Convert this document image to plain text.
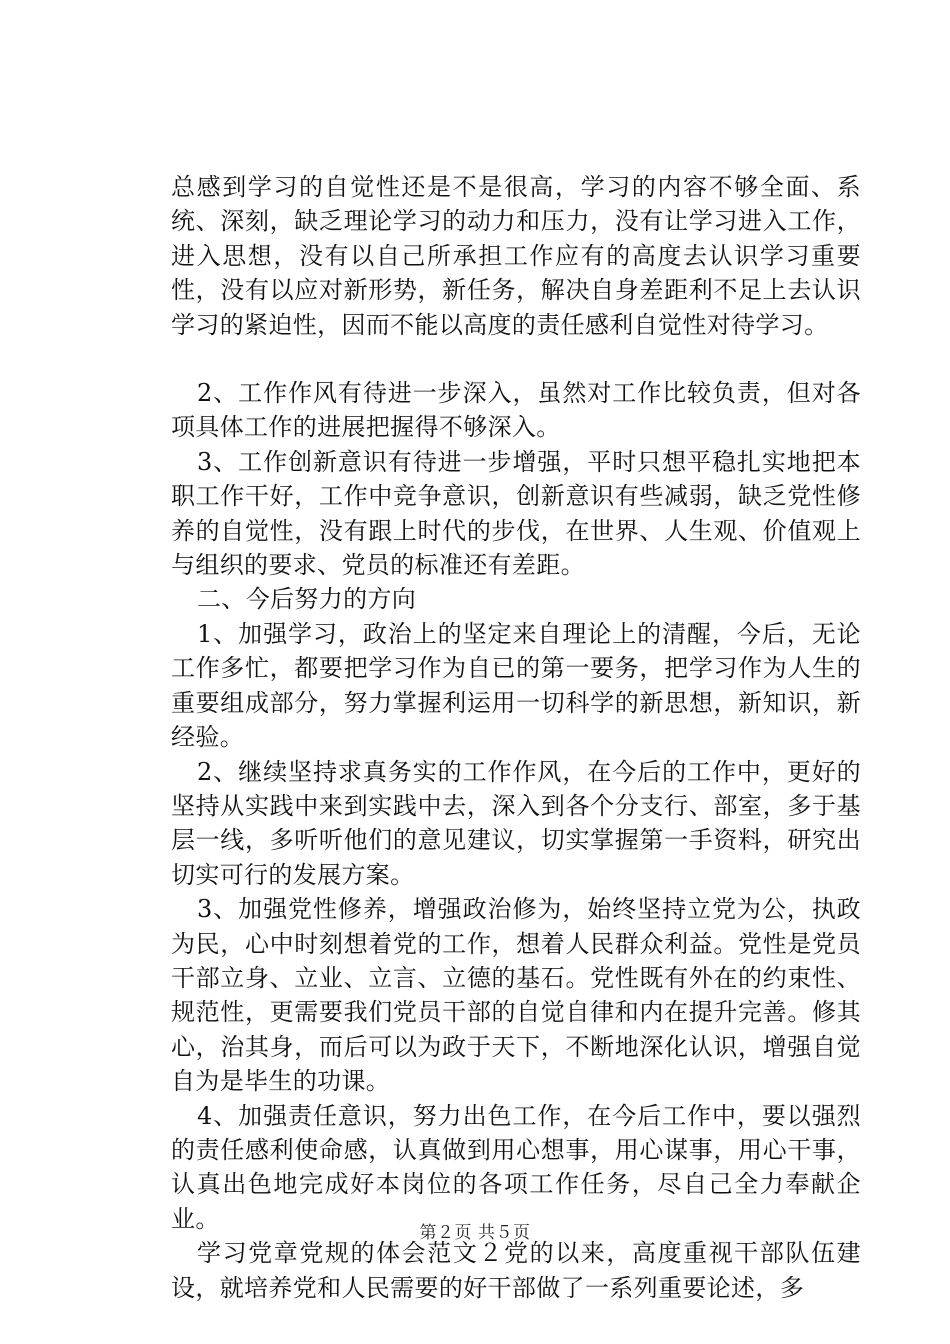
总感到学习的自觉性还是不是很高，学习的内容不够全面、系统、深刻，缺乏理论学习的动力和压力，没有让学习进入工作，进入思想，没有以自己所承担工作应有的高度去认识学习重要性，没有以应对新形势，新任务，解决自身差距利不足上去认识学习的紧迫性，因而不能以高度的责任感利自觉性对待学习。

2、工作作风有待进一步深入，虽然对工作比较负责，但对各项具体工作的进展把握得不够深入。

3、工作创新意识有待进一步增强，平时只想平稳扎实地把本职工作干好，工作中竞争意识，创新意识有些减弱，缺乏党性修养的自觉性，没有跟上时代的步伐，在世界、人生观、价值观上与组织的要求、党员的标准还有差距。

二、今后努力的方向

1、加强学习，政治上的坚定来自理论上的清醒，今后，无论工作多忙，都要把学习作为自已的第一要务，把学习作为人生的重要组成部分，努力掌握利运用一切科学的新思想，新知识，新经验。

2、继续坚持求真务实的工作作风，在今后的工作中，更好的坚持从实践中来到实践中去，深入到各个分支行、部室，多于基层一线，多听听他们的意见建议，切实掌握第一手资料，研究出切实可行的发展方案。

3、加强党性修养，增强政治修为，始终坚持立党为公，执政为民，心中时刻想着党的工作，想着人民群众利益。党性是党员干部立身、立业、立言、立德的基石。党性既有外在的约束性、规范性，更需要我们党员干部的自觉自律和内在提升完善。修其心，治其身，而后可以为政于天下，不断地深化认识，增强自觉自为是毕生的功课。

4、加强责任意识，努力出色工作，在今后工作中，要以强烈的责任感利使命感，认真做到用心想事，用心谋事，用心干事，认真出色地完成好本岗位的各项工作任务，尽自己全力奉献企业。

学习党章党规的体会范文２党的以来，高度重视干部队伍建设，就培养党和人民需要的好干部做了一系列重要论述，多

第２页 共５页
